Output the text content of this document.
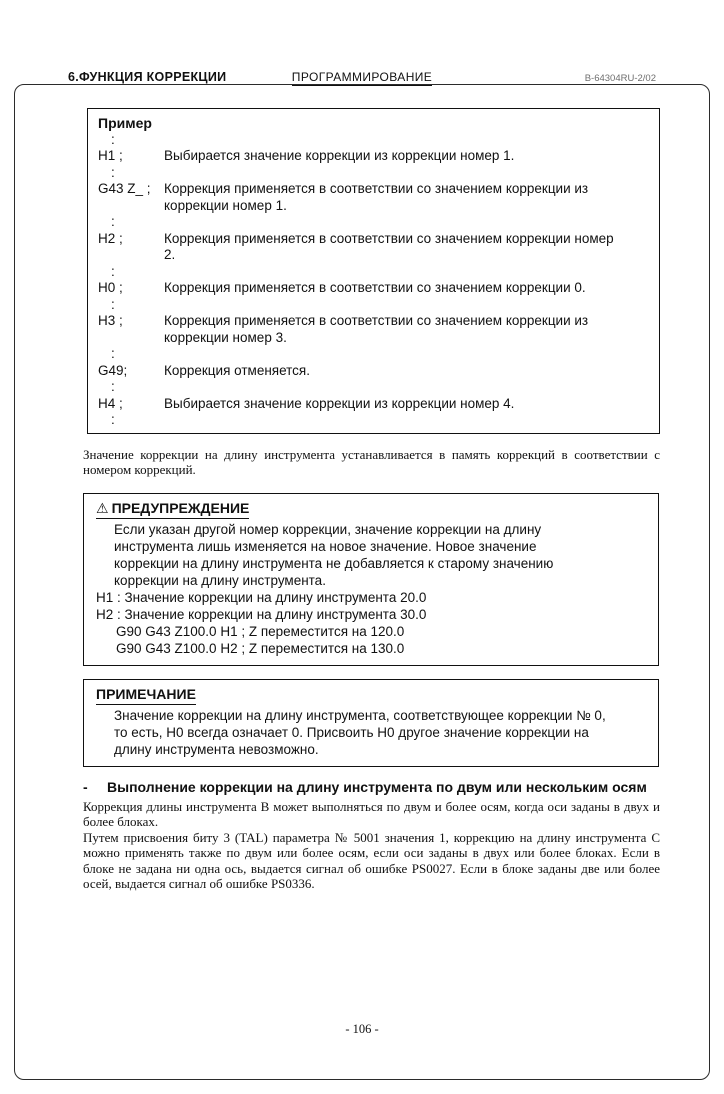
6.ФУНКЦИЯ КОРРЕКЦИИ	ПРОГРАММИРОВАНИЕ	B-64304RU-2/02
Пример
:
H1 ;	Выбирается значение коррекции из коррекции номер 1.
:
G43 Z_ ; Коррекция применяется в соответствии со значением коррекции из коррекции номер 1.
:
H2 ;	Коррекция применяется в соответствии со значением коррекции номер 2.
:
H0 ;	Коррекция применяется в соответствии со значением коррекции 0.
:
H3 ;	Коррекция применяется в соответствии со значением коррекции из коррекции номер 3.
:
G49;	Коррекция отменяется.
:
H4 ;	Выбирается значение коррекции из коррекции номер 4.
:

Значение коррекции на длину инструмента устанавливается в память коррекций в соответствии с номером коррекций.

⚠ ПРЕДУПРЕЖДЕНИЕ
Если указан другой номер коррекции, значение коррекции на длину инструмента лишь изменяется на новое значение. Новое значение коррекции на длину инструмента не добавляется к старому значению коррекции на длину инструмента.
H1 : Значение коррекции на длину инструмента 20.0
H2 : Значение коррекции на длину инструмента 30.0
G90 G43 Z100.0 H1 ; Z переместится на 120.0
G90 G43 Z100.0 H2 ; Z переместится на 130.0
ПРИМЕЧАНИЕ
Значение коррекции на длину инструмента, соответствующее коррекции № 0, то есть, H0 всегда означает 0. Присвоить H0 другое значение коррекции на длину инструмента невозможно.
-	Выполнение коррекции на длину инструмента по двум или нескольким осям

Коррекция длины инструмента B может выполняться по двум и более осям, когда оси заданы в двух и более блоках.

Путем присвоения биту 3 (TAL) параметра № 5001 значения 1, коррекцию на длину инструмента C можно применять также по двум или более осям, если оси заданы в двух или более блоках. Если в блоке не задана ни одна ось, выдается сигнал об ошибке PS0027. Если в блоке заданы две или более осей, выдается сигнал об ошибке PS0336.

- 106 -
